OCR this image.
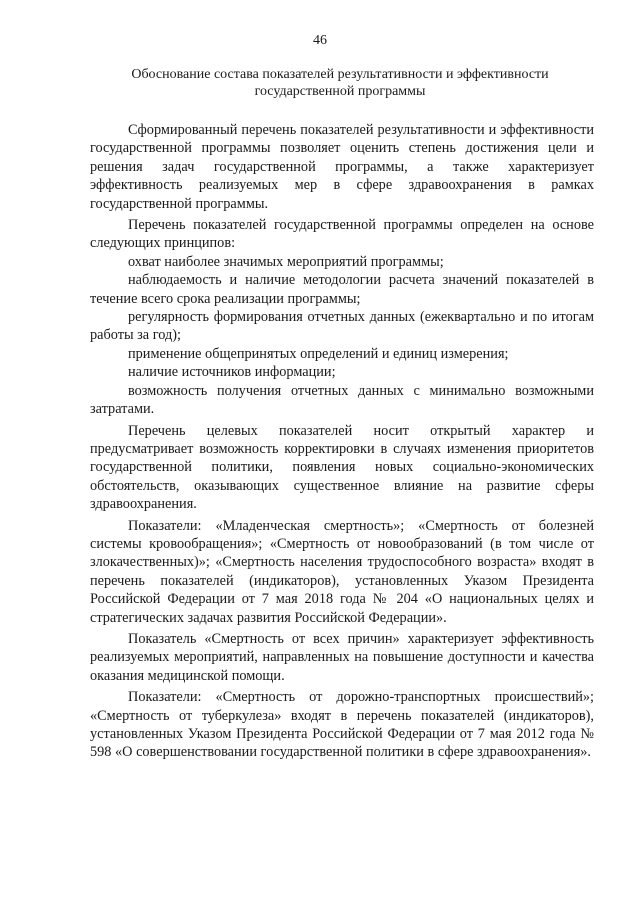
46
Обоснование состава показателей результативности и эффективности государственной программы

Сформированный перечень показателей результативности и эффективности государственной программы позволяет оценить степень достижения цели и решения задач государственной программы, а также характеризует эффективность реализуемых мер в сфере здравоохранения в рамках государственной программы.

Перечень показателей государственной программы определен на основе следующих принципов:

охват наиболее значимых мероприятий программы;

наблюдаемость и наличие методологии расчета значений показателей в течение всего срока реализации программы;

регулярность формирования отчетных данных (ежеквартально и по итогам работы за год);

применение общепринятых определений и единиц измерения;

наличие источников информации;

возможность получения отчетных данных с минимально возможными затратами.

Перечень целевых показателей носит открытый характер и предусматривает возможность корректировки в случаях изменения приоритетов государственной политики, появления новых социально-экономических обстоятельств, оказывающих существенное влияние на развитие сферы здравоохранения.

Показатели: «Младенческая смертность»; «Смертность от болезней системы кровообращения»; «Смертность от новообразований (в том числе от злокачественных)»; «Смертность населения трудоспособного возраста» входят в перечень показателей (индикаторов), установленных Указом Президента Российской Федерации от 7 мая 2018 года № 204 «О национальных целях и стратегических задачах развития Российской Федерации».

Показатель «Смертность от всех причин» характеризует эффективность реализуемых мероприятий, направленных на повышение доступности и качества оказания медицинской помощи.

Показатели: «Смертность от дорожно-транспортных происшествий»; «Смертность от туберкулеза» входят в перечень показателей (индикаторов), установленных Указом Президента Российской Федерации от 7 мая 2012 года № 598 «О совершенствовании государственной политики в сфере здравоохранения».
